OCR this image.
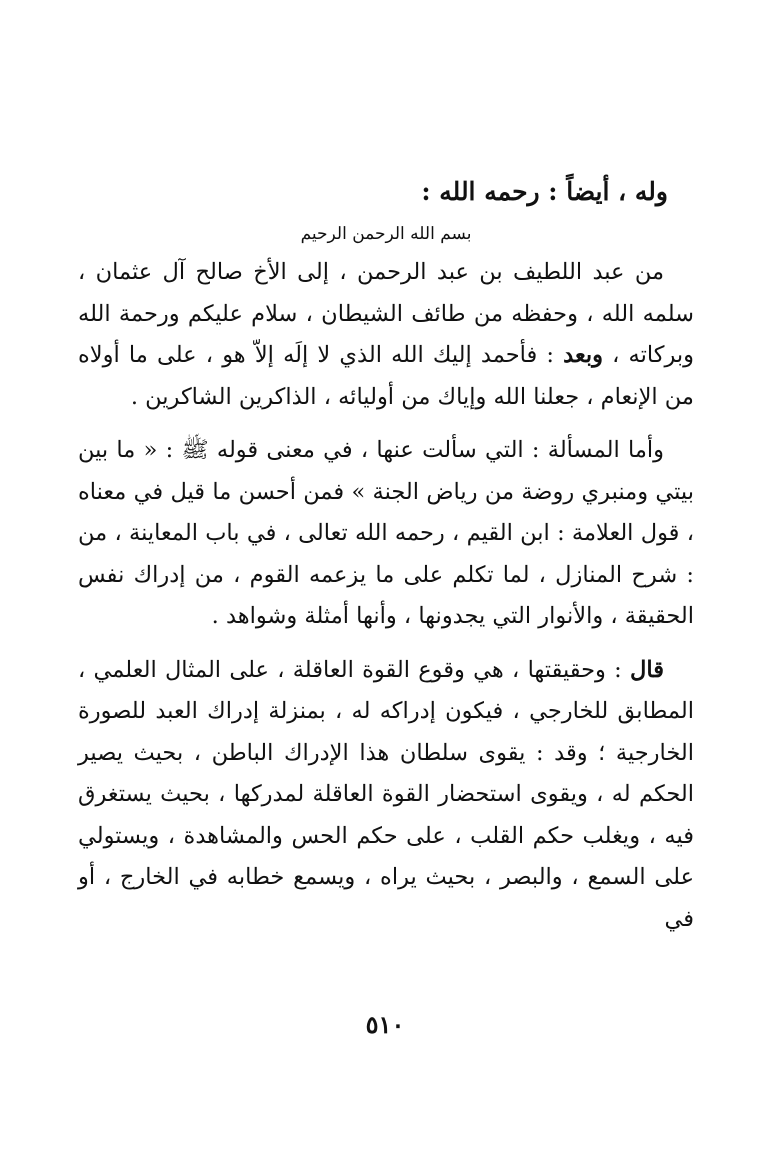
وله ، أيضاً : رحمه الله :
بسم الله الرحمن الرحيم

من عبد اللطيف بن عبد الرحمن ، إلى الأخ صالح آل عثمان ، سلمه الله ، وحفظه من طائف الشيطان ، سلام عليكم ورحمة الله وبركاته ، وبعد : فأحمد إليك الله الذي لا إلَه إلاّ هو ، على ما أولاه من الإنعام ، جعلنا الله وإياك من أوليائه ، الذاكرين الشاكرين .

وأما المسألة : التي سألت عنها ، في معنى قوله ﷺ : « ما بين بيتي ومنبري روضة من رياض الجنة » فمن أحسن ما قيل في معناه ، قول العلامة : ابن القيم ، رحمه الله تعالى ، في باب المعاينة ، من : شرح المنازل ، لما تكلم على ما يزعمه القوم ، من إدراك نفس الحقيقة ، والأنوار التي يجدونها ، وأنها أمثلة وشواهد .

قال : وحقيقتها ، هي وقوع القوة العاقلة ، على المثال العلمي ، المطابق للخارجي ، فيكون إدراكه له ، بمنزلة إدراك العبد للصورة الخارجية ؛ وقد : يقوى سلطان هذا الإدراك الباطن ، بحيث يصير الحكم له ، ويقوى استحضار القوة العاقلة لمدركها ، بحيث يستغرق فيه ، ويغلب حكم القلب ، على حكم الحس والمشاهدة ، ويستولي على السمع ، والبصر ، بحيث يراه ، ويسمع خطابه في الخارج ، أو في

٥١٠
